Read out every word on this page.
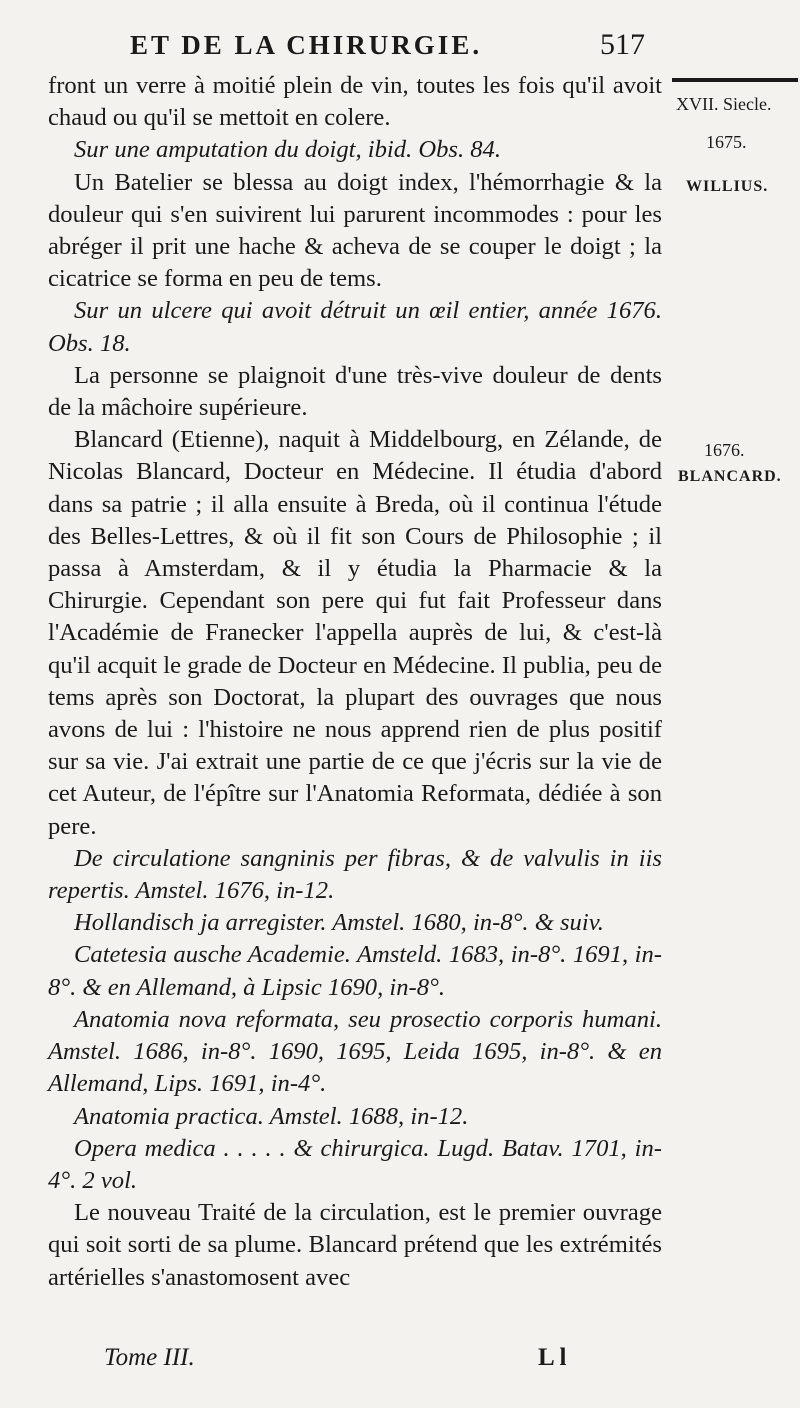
ET DE LA CHIRURGIE.	517
XVII. Siecle.
1675.
WILLIUS.
1676.
BLANCARD.

front un verre à moitié plein de vin, toutes les fois qu'il avoit chaud ou qu'il se mettoit en colere.

Sur une amputation du doigt, ibid. Obs. 84.

Un Batelier se blessa au doigt index, l'hémorrhagie & la douleur qui s'en suivirent lui parurent incommodes : pour les abréger il prit une hache & acheva de se couper le doigt ; la cicatrice se forma en peu de tems.

Sur un ulcere qui avoit détruit un œil entier, année 1676. Obs. 18.

La personne se plaignoit d'une très-vive douleur de dents de la mâchoire supérieure.

Blancard (Etienne), naquit à Middelbourg, en Zélande, de Nicolas Blancard, Docteur en Médecine. Il étudia d'abord dans sa patrie ; il alla ensuite à Breda, où il continua l'étude des Belles-Lettres, & où il fit son Cours de Philosophie ; il passa à Amsterdam, & il y étudia la Pharmacie & la Chirurgie. Cependant son pere qui fut fait Professeur dans l'Académie de Franecker l'appella auprès de lui, & c'est-là qu'il acquit le grade de Docteur en Médecine. Il publia, peu de tems après son Doctorat, la plupart des ouvrages que nous avons de lui : l'histoire ne nous apprend rien de plus positif sur sa vie. J'ai extrait une partie de ce que j'écris sur la vie de cet Auteur, de l'épître sur l'Anatomia Reformata, dédiée à son pere.

De circulatione sangninis per fibras, & de valvulis in iis repertis. Amstel. 1676, in-12.

Hollandisch ja arregister. Amstel. 1680, in-8°. & suiv.

Catetesia ausche Academie. Amsteld. 1683, in-8°. 1691, in-8°. & en Allemand, à Lipsic 1690, in-8°.

Anatomia nova reformata, seu prosectio corporis humani. Amstel. 1686, in-8°. 1690, 1695, Leida 1695, in-8°. & en Allemand, Lips. 1691, in-4°.

Anatomia practica. Amstel. 1688, in-12.

Opera medica . . . . . & chirurgica. Lugd. Batav. 1701, in-4°. 2 vol.

Le nouveau Traité de la circulation, est le premier ouvrage qui soit sorti de sa plume. Blancard prétend que les extrémités artérielles s'anastomosent avec

Tome III.	L l
